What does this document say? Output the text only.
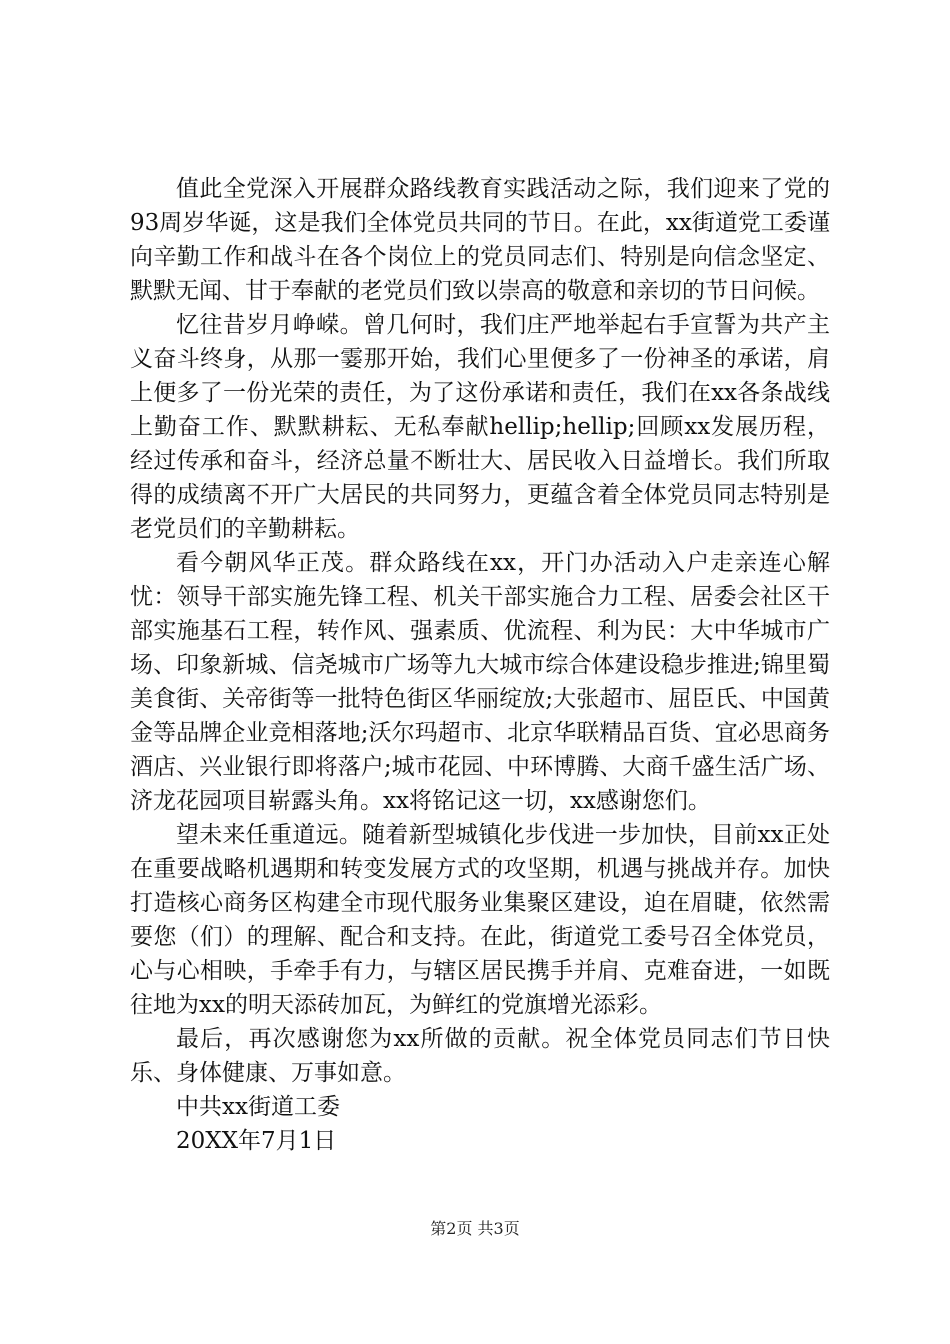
值此全党深入开展群众路线教育实践活动之际，我们迎来了党的93周岁华诞，这是我们全体党员共同的节日。在此，xx街道党工委谨向辛勤工作和战斗在各个岗位上的党员同志们、特别是向信念坚定、默默无闻、甘于奉献的老党员们致以崇高的敬意和亲切的节日问候。

忆往昔岁月峥嵘。曾几何时，我们庄严地举起右手宣誓为共产主义奋斗终身，从那一霎那开始，我们心里便多了一份神圣的承诺，肩上便多了一份光荣的责任，为了这份承诺和责任，我们在xx各条战线上勤奋工作、默默耕耘、无私奉献hellip;hellip;回顾xx发展历程，经过传承和奋斗，经济总量不断壮大、居民收入日益增长。我们所取得的成绩离不开广大居民的共同努力，更蕴含着全体党员同志特别是老党员们的辛勤耕耘。

看今朝风华正茂。群众路线在xx，开门办活动入户走亲连心解忧：领导干部实施先锋工程、机关干部实施合力工程、居委会社区干部实施基石工程，转作风、强素质、优流程、利为民：大中华城市广场、印象新城、信尧城市广场等九大城市综合体建设稳步推进;锦里蜀美食街、关帝街等一批特色街区华丽绽放;大张超市、屈臣氏、中国黄金等品牌企业竞相落地;沃尔玛超市、北京华联精品百货、宜必思商务酒店、兴业银行即将落户;城市花园、中环博腾、大商千盛生活广场、济龙花园项目崭露头角。xx将铭记这一切，xx感谢您们。

望未来任重道远。随着新型城镇化步伐进一步加快，目前xx正处在重要战略机遇期和转变发展方式的攻坚期，机遇与挑战并存。加快打造核心商务区构建全市现代服务业集聚区建设，迫在眉睫，依然需要您（们）的理解、配合和支持。在此，街道党工委号召全体党员，心与心相映，手牵手有力，与辖区居民携手并肩、克难奋进，一如既往地为xx的明天添砖加瓦，为鲜红的党旗增光添彩。

最后，再次感谢您为xx所做的贡献。祝全体党员同志们节日快乐、身体健康、万事如意。

中共xx街道工委

20XX年7月1日

第2页 共3页
